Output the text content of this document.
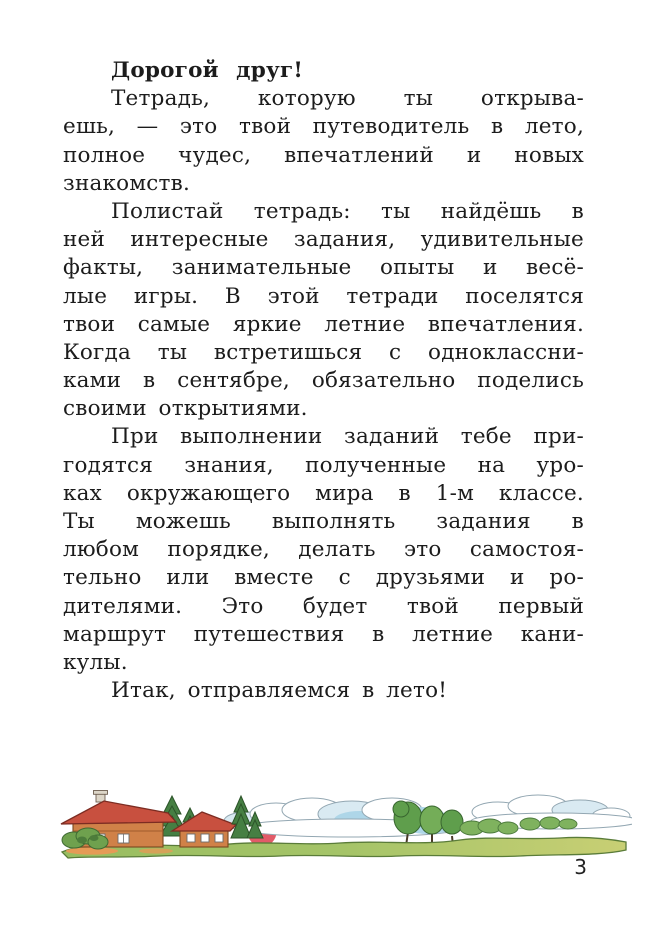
Дорогой друг!
Тетрадь, которую ты открыва-
ешь, — это твой путеводитель в лето,
полное чудес, впечатлений и новых
знакомств.
Полистай тетрадь: ты найдёшь в
ней интересные задания, удивительные
факты, занимательные опыты и весё-
лые игры. В этой тетради поселятся
твои самые яркие летние впечатления.
Когда ты встретишься с одноклассни-
ками в сентябре, обязательно поделись
своими открытиями.
При выполнении заданий тебе при-
годятся знания, полученные на уро-
ках окружающего мира в 1-м классе.
Ты можешь выполнять задания в
любом порядке, делать это самостоя-
тельно или вместе с друзьями и ро-
дителями. Это будет твой первый
маршрут путешествия в летние кани-
кулы.
Итак, отправляемся в лето!
3
